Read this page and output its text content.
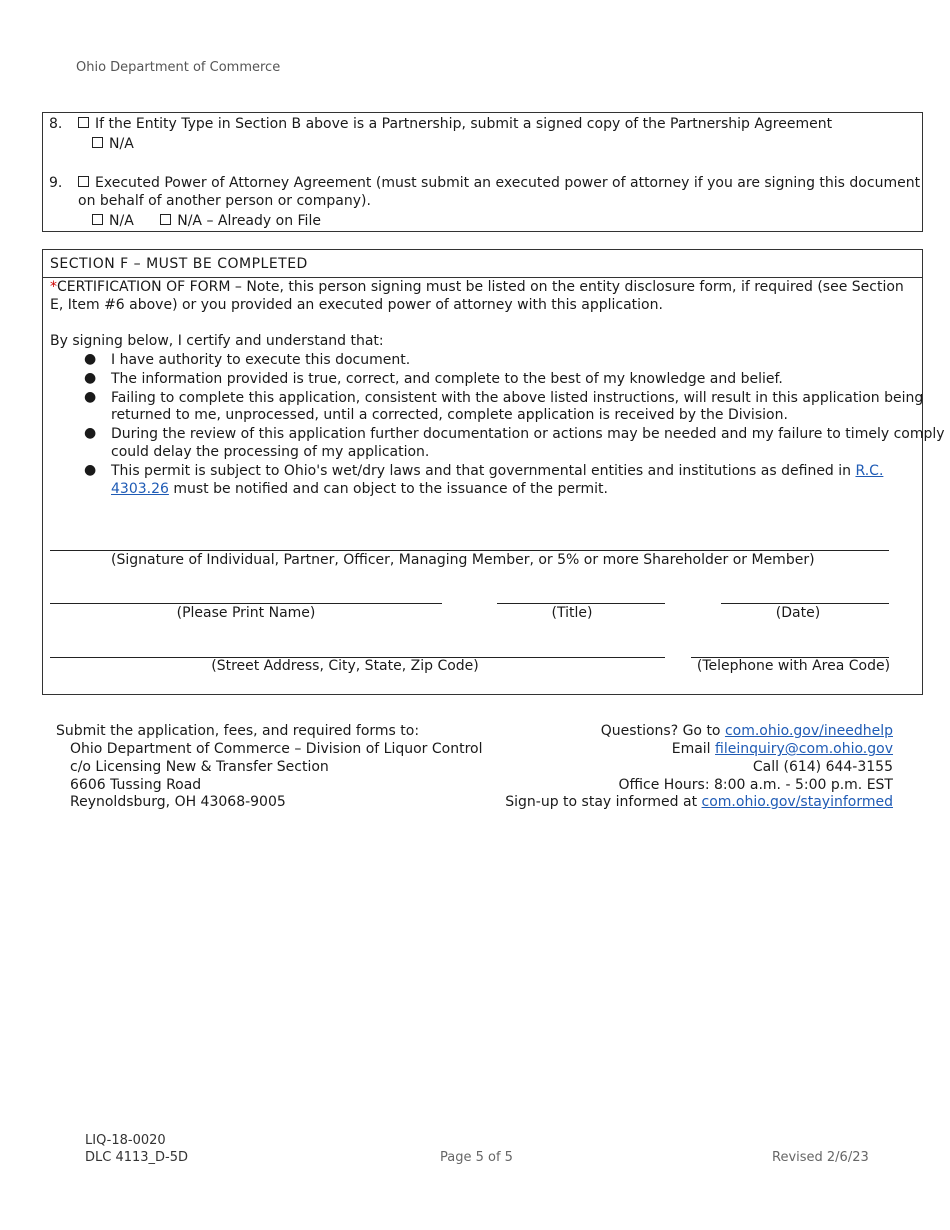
Ohio Department of Commerce
8.	If the Entity Type in Section B above is a Partnership, submit a signed copy of the Partnership Agreement
N/A
9.	Executed Power of Attorney Agreement (must submit an executed power of attorney if you are signing this document
on behalf of another person or company).
N/A	N/A – Already on File
SECTION F – MUST BE COMPLETED
*CERTIFICATION OF FORM – Note, this person signing must be listed on the entity disclosure form, if required (see Section
E, Item #6 above) or you provided an executed power of attorney with this application.
By signing below, I certify and understand that:
● I have authority to execute this document.
● The information provided is true, correct, and complete to the best of my knowledge and belief.
● Failing to complete this application, consistent with the above listed instructions, will result in this application being
returned to me, unprocessed, until a corrected, complete application is received by the Division.
● During the review of this application further documentation or actions may be needed and my failure to timely comply
could delay the processing of my application.
● This permit is subject to Ohio's wet/dry laws and that governmental entities and institutions as defined in R.C.
4303.26 must be notified and can object to the issuance of the permit.
(Signature of Individual, Partner, Officer, Managing Member, or 5% or more Shareholder or Member)
(Please Print Name)	(Title)	(Date)
(Street Address, City, State, Zip Code)	(Telephone with Area Code)
Submit the application, fees, and required forms to:
Ohio Department of Commerce – Division of Liquor Control
c/o Licensing New & Transfer Section
6606 Tussing Road
Reynoldsburg, OH 43068-9005
Questions? Go to com.ohio.gov/ineedhelp
Email fileinquiry@com.ohio.gov
Call (614) 644-3155
Office Hours: 8:00 a.m. - 5:00 p.m. EST
Sign-up to stay informed at com.ohio.gov/stayinformed
LIQ-18-0020
DLC 4113_D-5D	Page 5 of 5	Revised 2/6/23
